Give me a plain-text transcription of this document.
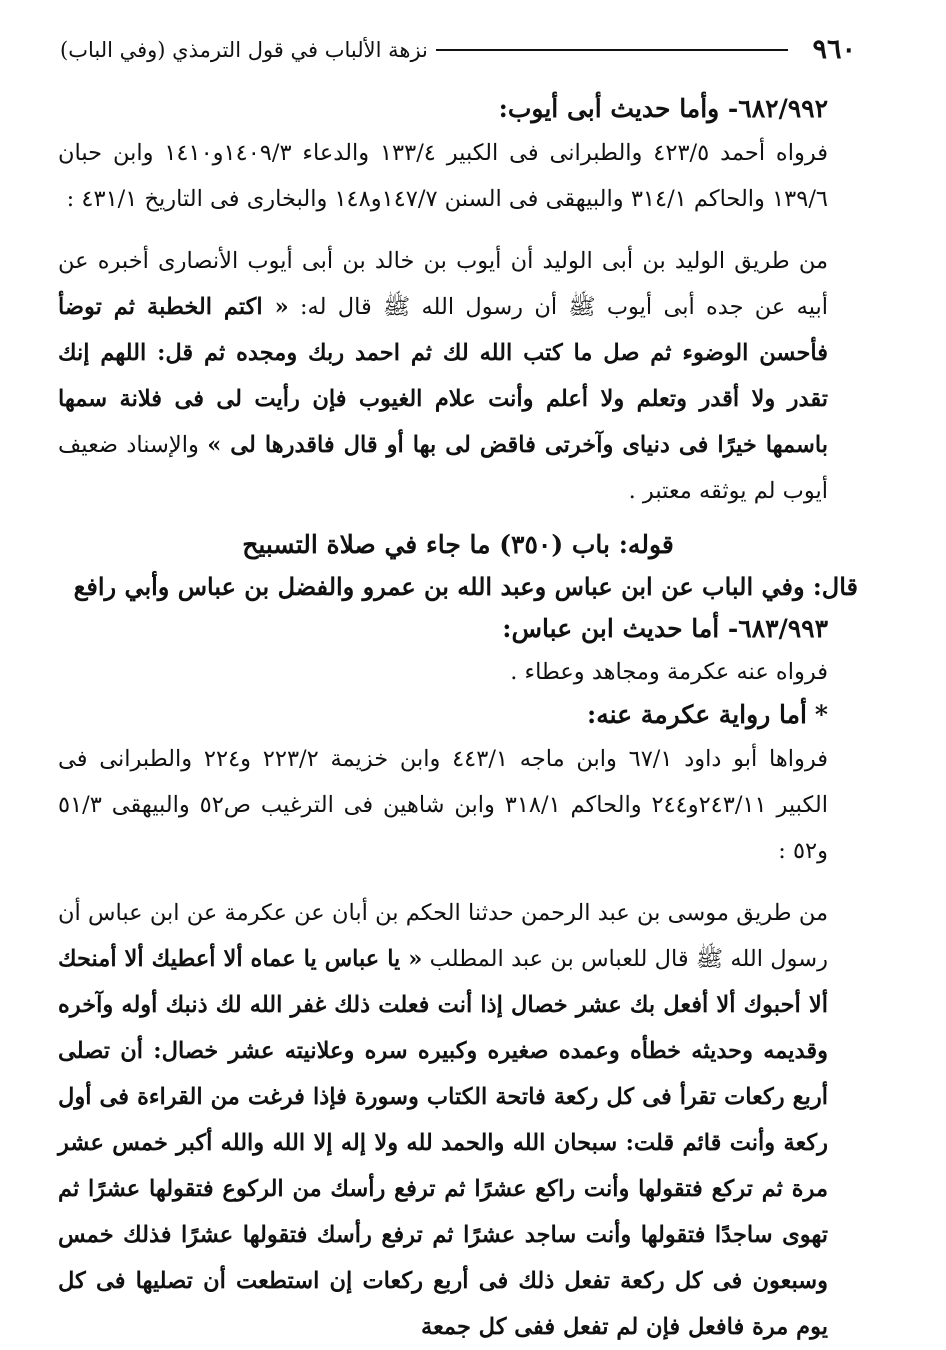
٩٦٠
نزهة الألباب في قول الترمذي (وفي الباب)

٦٨٢/٩٩٢- وأما حديث أبى أيوب:

فرواه أحمد ٤٢٣/٥ والطبرانى فى الكبير ١٣٣/٤ والدعاء ١٤٠٩/٣و١٤١٠ وابن حبان ١٣٩/٦ والحاكم ٣١٤/١ والبيهقى فى السنن ١٤٧/٧و١٤٨ والبخارى فى التاريخ ٤٣١/١ :

من طريق الوليد بن أبى الوليد أن أيوب بن خالد بن أبى أيوب الأنصارى أخبره عن أبيه عن جده أبى أيوب ﷺ أن رسول الله ﷺ قال له: « اكتم الخطبة ثم توضأ فأحسن الوضوء ثم صل ما كتب الله لك ثم احمد ربك ومجده ثم قل: اللهم إنك تقدر ولا أقدر وتعلم ولا أعلم وأنت علام الغيوب فإن رأيت لى فى فلانة سمها باسمها خيرًا فى دنياى وآخرتى فاقض لى بها أو قال فاقدرها لى » والإسناد ضعيف أيوب لم يوثقه معتبر .

قوله: باب (٣٥٠) ما جاء في صلاة التسبيح

قال: وفي الباب عن ابن عباس وعبد الله بن عمرو والفضل بن عباس وأبي رافع

٦٨٣/٩٩٣- أما حديث ابن عباس:

فرواه عنه عكرمة ومجاهد وعطاء .

*أما رواية عكرمة عنه:

فرواها أبو داود ٦٧/١ وابن ماجه ٤٤٣/١ وابن خزيمة ٢٢٣/٢ و٢٢٤ والطبرانى فى الكبير ٢٤٣/١١و٢٤٤ والحاكم ٣١٨/١ وابن شاهين فى الترغيب ص٥٢ والبيهقى ٥١/٣ و٥٢ :

من طريق موسى بن عبد الرحمن حدثنا الحكم بن أبان عن عكرمة عن ابن عباس أن رسول الله ﷺ قال للعباس بن عبد المطلب « يا عباس يا عماه ألا أعطيك ألا أمنحك ألا أحبوك ألا أفعل بك عشر خصال إذا أنت فعلت ذلك غفر الله لك ذنبك أوله وآخره وقديمه وحديثه خطأه وعمده صغيره وكبيره سره وعلانيته عشر خصال: أن تصلى أربع ركعات تقرأ فى كل ركعة فاتحة الكتاب وسورة فإذا فرغت من القراءة فى أول ركعة وأنت قائم قلت: سبحان الله والحمد لله ولا إله إلا الله والله أكبر خمس عشر مرة ثم تركع فتقولها وأنت راكع عشرًا ثم ترفع رأسك من الركوع فتقولها عشرًا ثم تهوى ساجدًا فتقولها وأنت ساجد عشرًا ثم ترفع رأسك فتقولها عشرًا فذلك خمس وسبعون فى كل ركعة تفعل ذلك فى أربع ركعات إن استطعت أن تصليها فى كل يوم مرة فافعل فإن لم تفعل ففى كل جمعة
